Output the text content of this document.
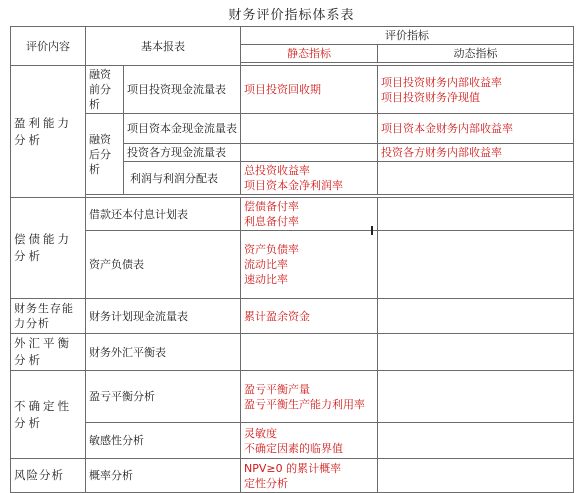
财务评价指标体系表
评价内容	基本报表		评价指标	
			静态指标	动态指标

盈利能力分析	融资前分析	项目投资现金流量表	项目投资回收期	项目投资财务内部收益率
项目投资财务净现值

	融资后分析	项目资本金现金流量表		项目资本金财务内部收益率

		投资各方现金流量表		投资各方财务内部收益率

		利润与利润分配表	总投资收益率
项目资本金净利润率	

偿债能力分析	借款还本付息计划表		偿债备付率
利息备付率	

	资产负债表		资产负债率
流动比率
速动比率	

财务生存能力分析	财务计划现金流量表		累计盈余资金	

外汇平衡分析	财务外汇平衡表			
不确定性分析	盈亏平衡分析		盈亏平衡产量
盈亏平衡生产能力利用率	

	敏感性分析		灵敏度
不确定因素的临界值	

风险分析	概率分析		NPV≥0 的累计概率
定性分析	
